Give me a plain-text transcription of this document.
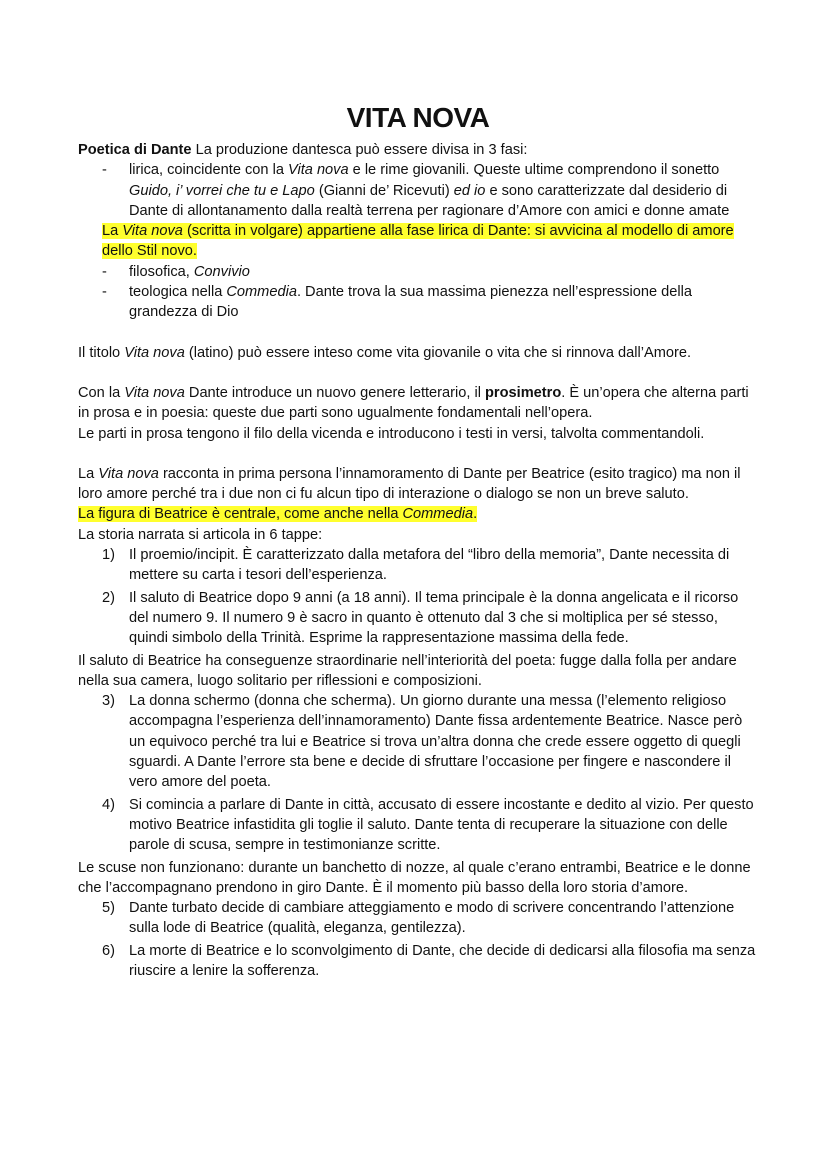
VITA NOVA

Poetica di Dante La produzione dantesca può essere divisa in 3 fasi:

- lirica, coincidente con la Vita nova e le rime giovanili. Queste ultime comprendono il sonetto Guido, i’ vorrei che tu e Lapo (Gianni de’ Ricevuti) ed io e sono caratterizzate dal desiderio di Dante di allontanamento dalla realtà terrena per ragionare d’Amore con amici e donne amate
La Vita nova (scritta in volgare) appartiene alla fase lirica di Dante: si avvicina al modello di amore dello Stil novo.
- filosofica, Convivio
- teologica nella Commedia. Dante trova la sua massima pienezza nell’espressione della grandezza di Dio

Il titolo Vita nova (latino) può essere inteso come vita giovanile o vita che si rinnova dall’Amore.

Con la Vita nova Dante introduce un nuovo genere letterario, il prosimetro. È un’opera che alterna parti in prosa e in poesia: queste due parti sono ugualmente fondamentali nell’opera.

Le parti in prosa tengono il filo della vicenda e introducono i testi in versi, talvolta commentandoli.

La Vita nova racconta in prima persona l’innamoramento di Dante per Beatrice (esito tragico) ma non il loro amore perché tra i due non ci fu alcun tipo di interazione o dialogo se non un breve saluto.

La figura di Beatrice è centrale, come anche nella Commedia.

La storia narrata si articola in 6 tappe:

1) Il proemio/incipit. È caratterizzato dalla metafora del “libro della memoria”, Dante necessita di mettere su carta i tesori dell’esperienza.
2) Il saluto di Beatrice dopo 9 anni (a 18 anni). Il tema principale è la donna angelicata e il ricorso del numero 9. Il numero 9 è sacro in quanto è ottenuto dal 3 che si moltiplica per sé stesso, quindi simbolo della Trinità. Esprime la rappresentazione massima della fede.

Il saluto di Beatrice ha conseguenze straordinarie nell’interiorità del poeta: fugge dalla folla per andare nella sua camera, luogo solitario per riflessioni e composizioni.

3) La donna schermo (donna che scherma). Un giorno durante una messa (l’elemento religioso accompagna l’esperienza dell’innamoramento) Dante fissa ardentemente Beatrice. Nasce però un equivoco perché tra lui e Beatrice si trova un’altra donna che crede essere oggetto di quegli sguardi. A Dante l’errore sta bene e decide di sfruttare l’occasione per fingere e nascondere il vero amore del poeta.
4) Si comincia a parlare di Dante in città, accusato di essere incostante e dedito al vizio. Per questo motivo Beatrice infastidita gli toglie il saluto. Dante tenta di recuperare la situazione con delle parole di scusa, sempre in testimonianze scritte.

Le scuse non funzionano: durante un banchetto di nozze, al quale c’erano entrambi, Beatrice e le donne che l’accompagnano prendono in giro Dante. È il momento più basso della loro storia d’amore.

5) Dante turbato decide di cambiare atteggiamento e modo di scrivere concentrando l’attenzione sulla lode di Beatrice (qualità, eleganza, gentilezza).
6) La morte di Beatrice e lo sconvolgimento di Dante, che decide di dedicarsi alla filosofia ma senza riuscire a lenire la sofferenza.
